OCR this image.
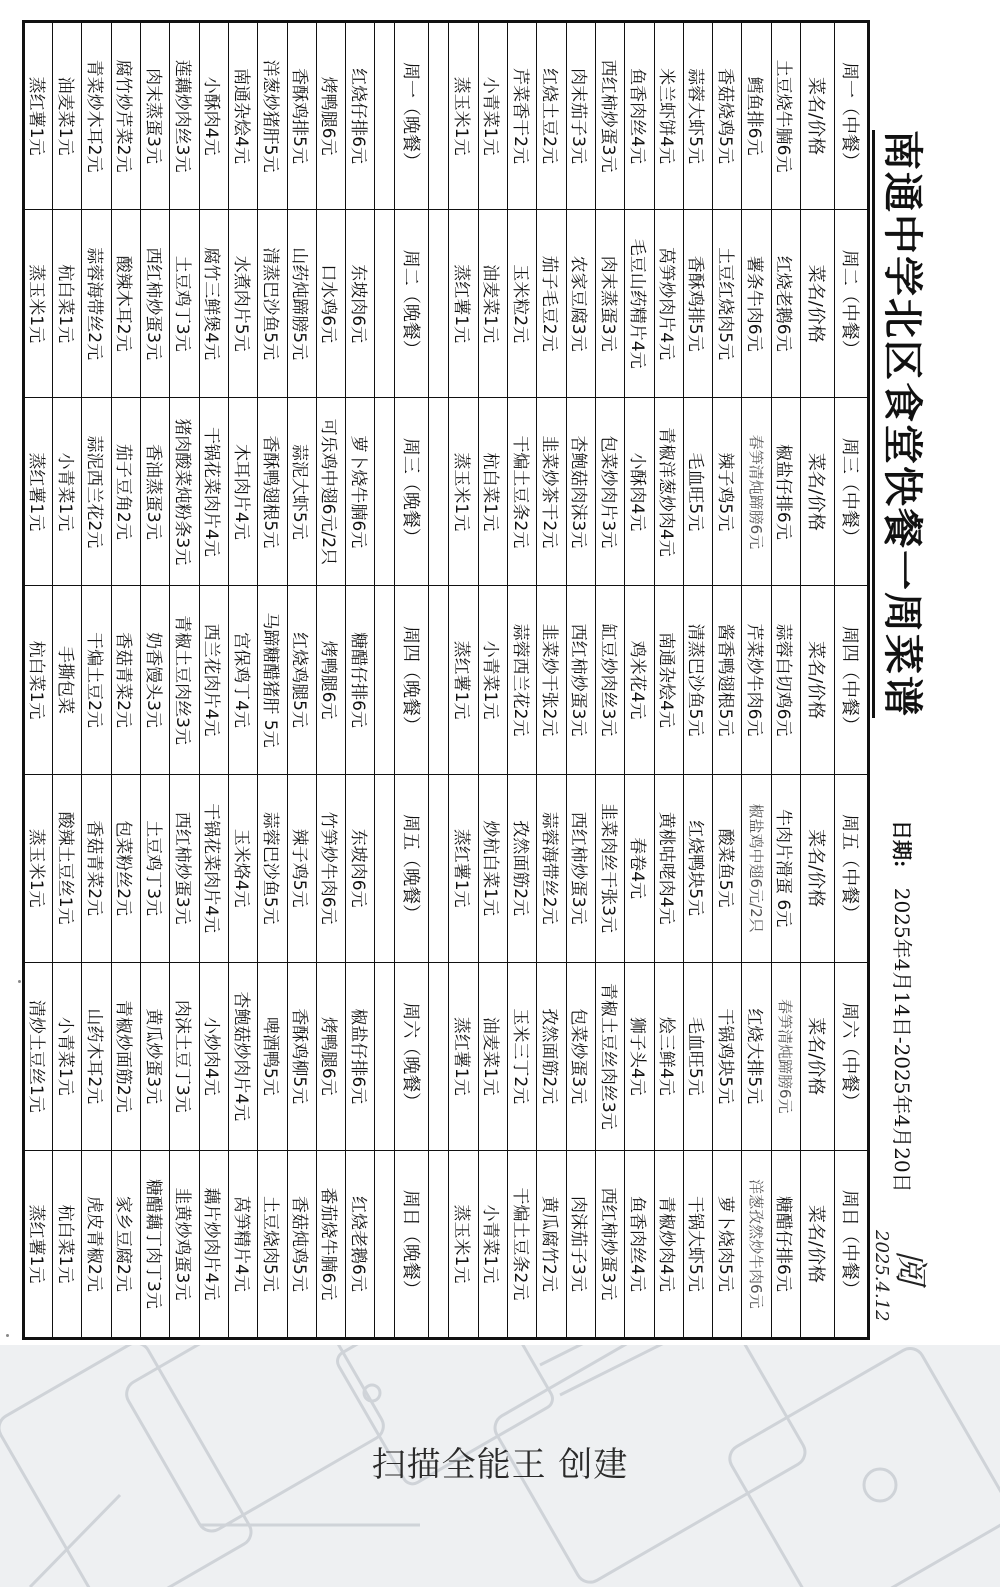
南通中学北区食堂快餐一周菜谱
日期: 2025年4月14日-2025年4月20日
阅
2025.4.12
周一（中餐）	周二（中餐）	周三（中餐）	周四（中餐）	周五（中餐）	周六（中餐）	周日（中餐）
菜名/价格	菜名/价格	菜名/价格	菜名/价格	菜名/价格	菜名/价格	菜名/价格
土豆烧牛腩6元	红烧老鹅6元	椒盐仔排6元	蒜蓉白切鸡6元	牛肉片滑蛋 6元	春笋清炖蹄膀6元	糖醋仔排6元
鳕鱼排6元	薯条牛肉6元	春笋清炖蹄膀6元	芹菜炒牛肉6元	椒盐鸡中翅6元/2只	红烧大排5元	洋葱孜然炒牛肉6元
香菇烧鸡5元	土豆红烧肉5元	辣子鸡5元	酱香鸭翅根5元	酸菜鱼5元	干锅鸡块5元	萝卜烧肉5元
蒜蓉大虾5元	香酥鸡排5元	毛血旺5元	清蒸巴沙鱼5元	红烧鸭块5元	毛血旺5元	干锅大虾5元
米兰虾饼4元	莴笋炒肉片4元	青椒洋葱炒肉4元	南通杂烩4元	黄桃咕咾肉4元	烩三鲜4元	青椒炒肉4元
鱼香肉丝4元	毛豆山药精片4元	小酥肉4元	鸡米花4元	春卷4元	狮子头4元	鱼香肉丝4元
西红柿炒蛋3元	肉末蒸蛋3元	包菜炒肉片3元	缸豆炒肉丝3元	韭菜肉丝干张3元	青椒土豆丝肉丝3元	西红柿炒蛋3元
肉末茄子3元	农家豆腐3元	杏鲍菇肉沫3元	西红柿炒蛋3元	西红柿炒蛋3元	包菜炒蛋3元	肉沫茄子3元
红烧土豆2元	茄子毛豆2元	韭菜炒茶干2元	韭菜炒干张2元	蒜蓉海带丝2元	孜然面筋2元	黄瓜腐竹2元
芹菜香干2元	玉米粒2元	干煸土豆条2元	蒜蓉西兰花2元	孜然面筋2元	玉米三丁2元	干煸土豆条2元
小青菜1元	油麦菜1元	杭白菜1元	小青菜1元	炒杭白菜1元	油麦菜1元	小青菜1元
蒸玉米1元	蒸红薯1元	蒸玉米1元	蒸红薯1元	蒸红薯1元	蒸红薯1元	蒸玉米1元

周一（晚餐）	周二（晚餐）	周三（晚餐）	周四（晚餐）	周五（晚餐）	周六（晚餐）	周日（晚餐）

红烧仔排6元	东坡肉6元	萝卜烧牛腩6元	糖醋仔排6元	东坡肉6元	椒盐仔排6元	红烧老鹅6元
烤鸭腿6元	口水鸡6元	可乐鸡中翅6元/2只	烤鸭腿6元	竹笋炒牛肉6元	烤鸭腿6元	番茄烧牛腩6元
香酥鸡排5元	山药炖蹄膀5元	蒜泥大虾5元	红烧鸡腿5元	辣子鸡5元	香酥鸡柳5元	香菇炖鸡5元
洋葱炒猪肝5元	清蒸巴沙鱼5元	香酥鸭翅根5元	马蹄糖醋猪肝 5元	蒜蓉巴沙鱼5元	啤酒鸭5元	土豆烧肉5元
南通杂烩4元	水煮肉片5元	木耳肉片4元	宫保鸡丁4元	玉米烙4元	杏鲍菇炒肉片4元	莴笋精片4元
小酥肉4元	腐竹三鲜煲4元	干锅花菜肉片4元	西兰花肉片4元	干锅花菜肉片4元	小炒肉4元	藕片炒肉片4元
莲藕炒肉丝3元	土豆鸡丁3元	猪肉酸菜炖粉条3元	青椒土豆肉丝3元	西红柿炒蛋3元	肉沫土豆丁3元	韭黄炒鸡蛋3元
肉末蒸蛋3元	西红柿炒蛋3元	香油蒸蛋3元	奶香馒头3元	土豆鸡丁3元	黄瓜炒蛋3元	糖醋藕丁肉丁3元
腐竹炒芹菜2元	酸辣木耳2元	茄子豆角2元	香菇青菜2元	包菜粉丝2元	青椒炒面筋2元	家乡豆腐2元
青菜炒木耳2元	蒜蓉海带丝2元	蒜泥西兰花2元	干煸土豆2元	香菇青菜2元	山药木耳2元	虎皮青椒2元
油麦菜1元	杭白菜1元	小青菜1元	手撕包菜	酸辣土豆丝1元	小青菜1元	杭白菜1元
蒸红薯1元	蒸玉米1元	蒸红薯1元	杭白菜1元	蒸玉米1元	清炒土豆丝1元	蒸红薯1元
扫描全能王 创建
